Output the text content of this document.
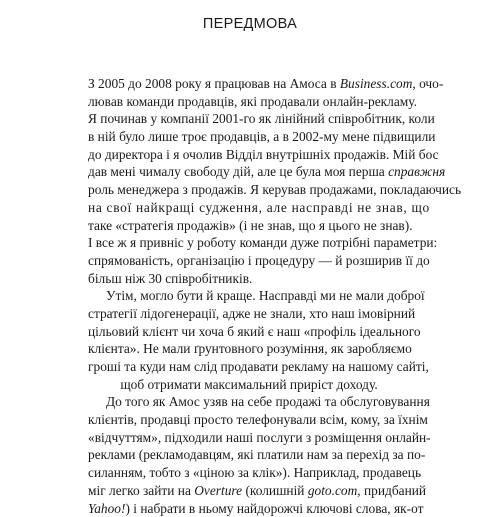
ПЕРЕДМОВА
З 2005 до 2008 року я працював на Амоса в Business.com, очо-
лював команди продавців, які продавали онлайн-рекламу.
Я починав у компанії 2001-го як лінійний співробітник, коли
в ній було лише троє продавців, а в 2002-му мене підвищили
до директора і я очолив Відділ внутрішніх продажів. Мій бос
дав мені чималу свободу дій, але це була моя перша справжня
роль менеджера з продажів. Я керував продажами, покладаючись
на свої найкращі судження, але насправді не знав, що
таке «стратегія продажів» (і не знав, що я цього не знав).
І все ж я привніс у роботу команди дуже потрібні параметри:
спрямованість, організацію і процедуру — й розширив її до
більш ніж 30 співробітників.
Утім, могло бути й краще. Насправді ми не мали доброї
стратегії лідогенерації, адже не знали, хто наш імовірний
цільовий клієнт чи хоча б який є наш «профіль ідеального
клієнта». Не мали ґрунтовного розуміння, як заробляємо
гроші та куди нам слід продавати рекламу на нашому сайті,
щоб отримати максимальний приріст доходу.
До того як Амос узяв на себе продажі та обслуговування
клієнтів, продавці просто телефонували всім, кому, за їхнім
«відчуттям», підходили наші послуги з розміщення онлайн-
реклами (рекламодавцям, які платили нам за перехід за по-
силанням, тобто з «ціною за клік»). Наприклад, продавець
міг легко зайти на Overture (колишній goto.com, придбаний
Yahoo!) і набрати в ньому найдорожчі ключові слова, як-от
